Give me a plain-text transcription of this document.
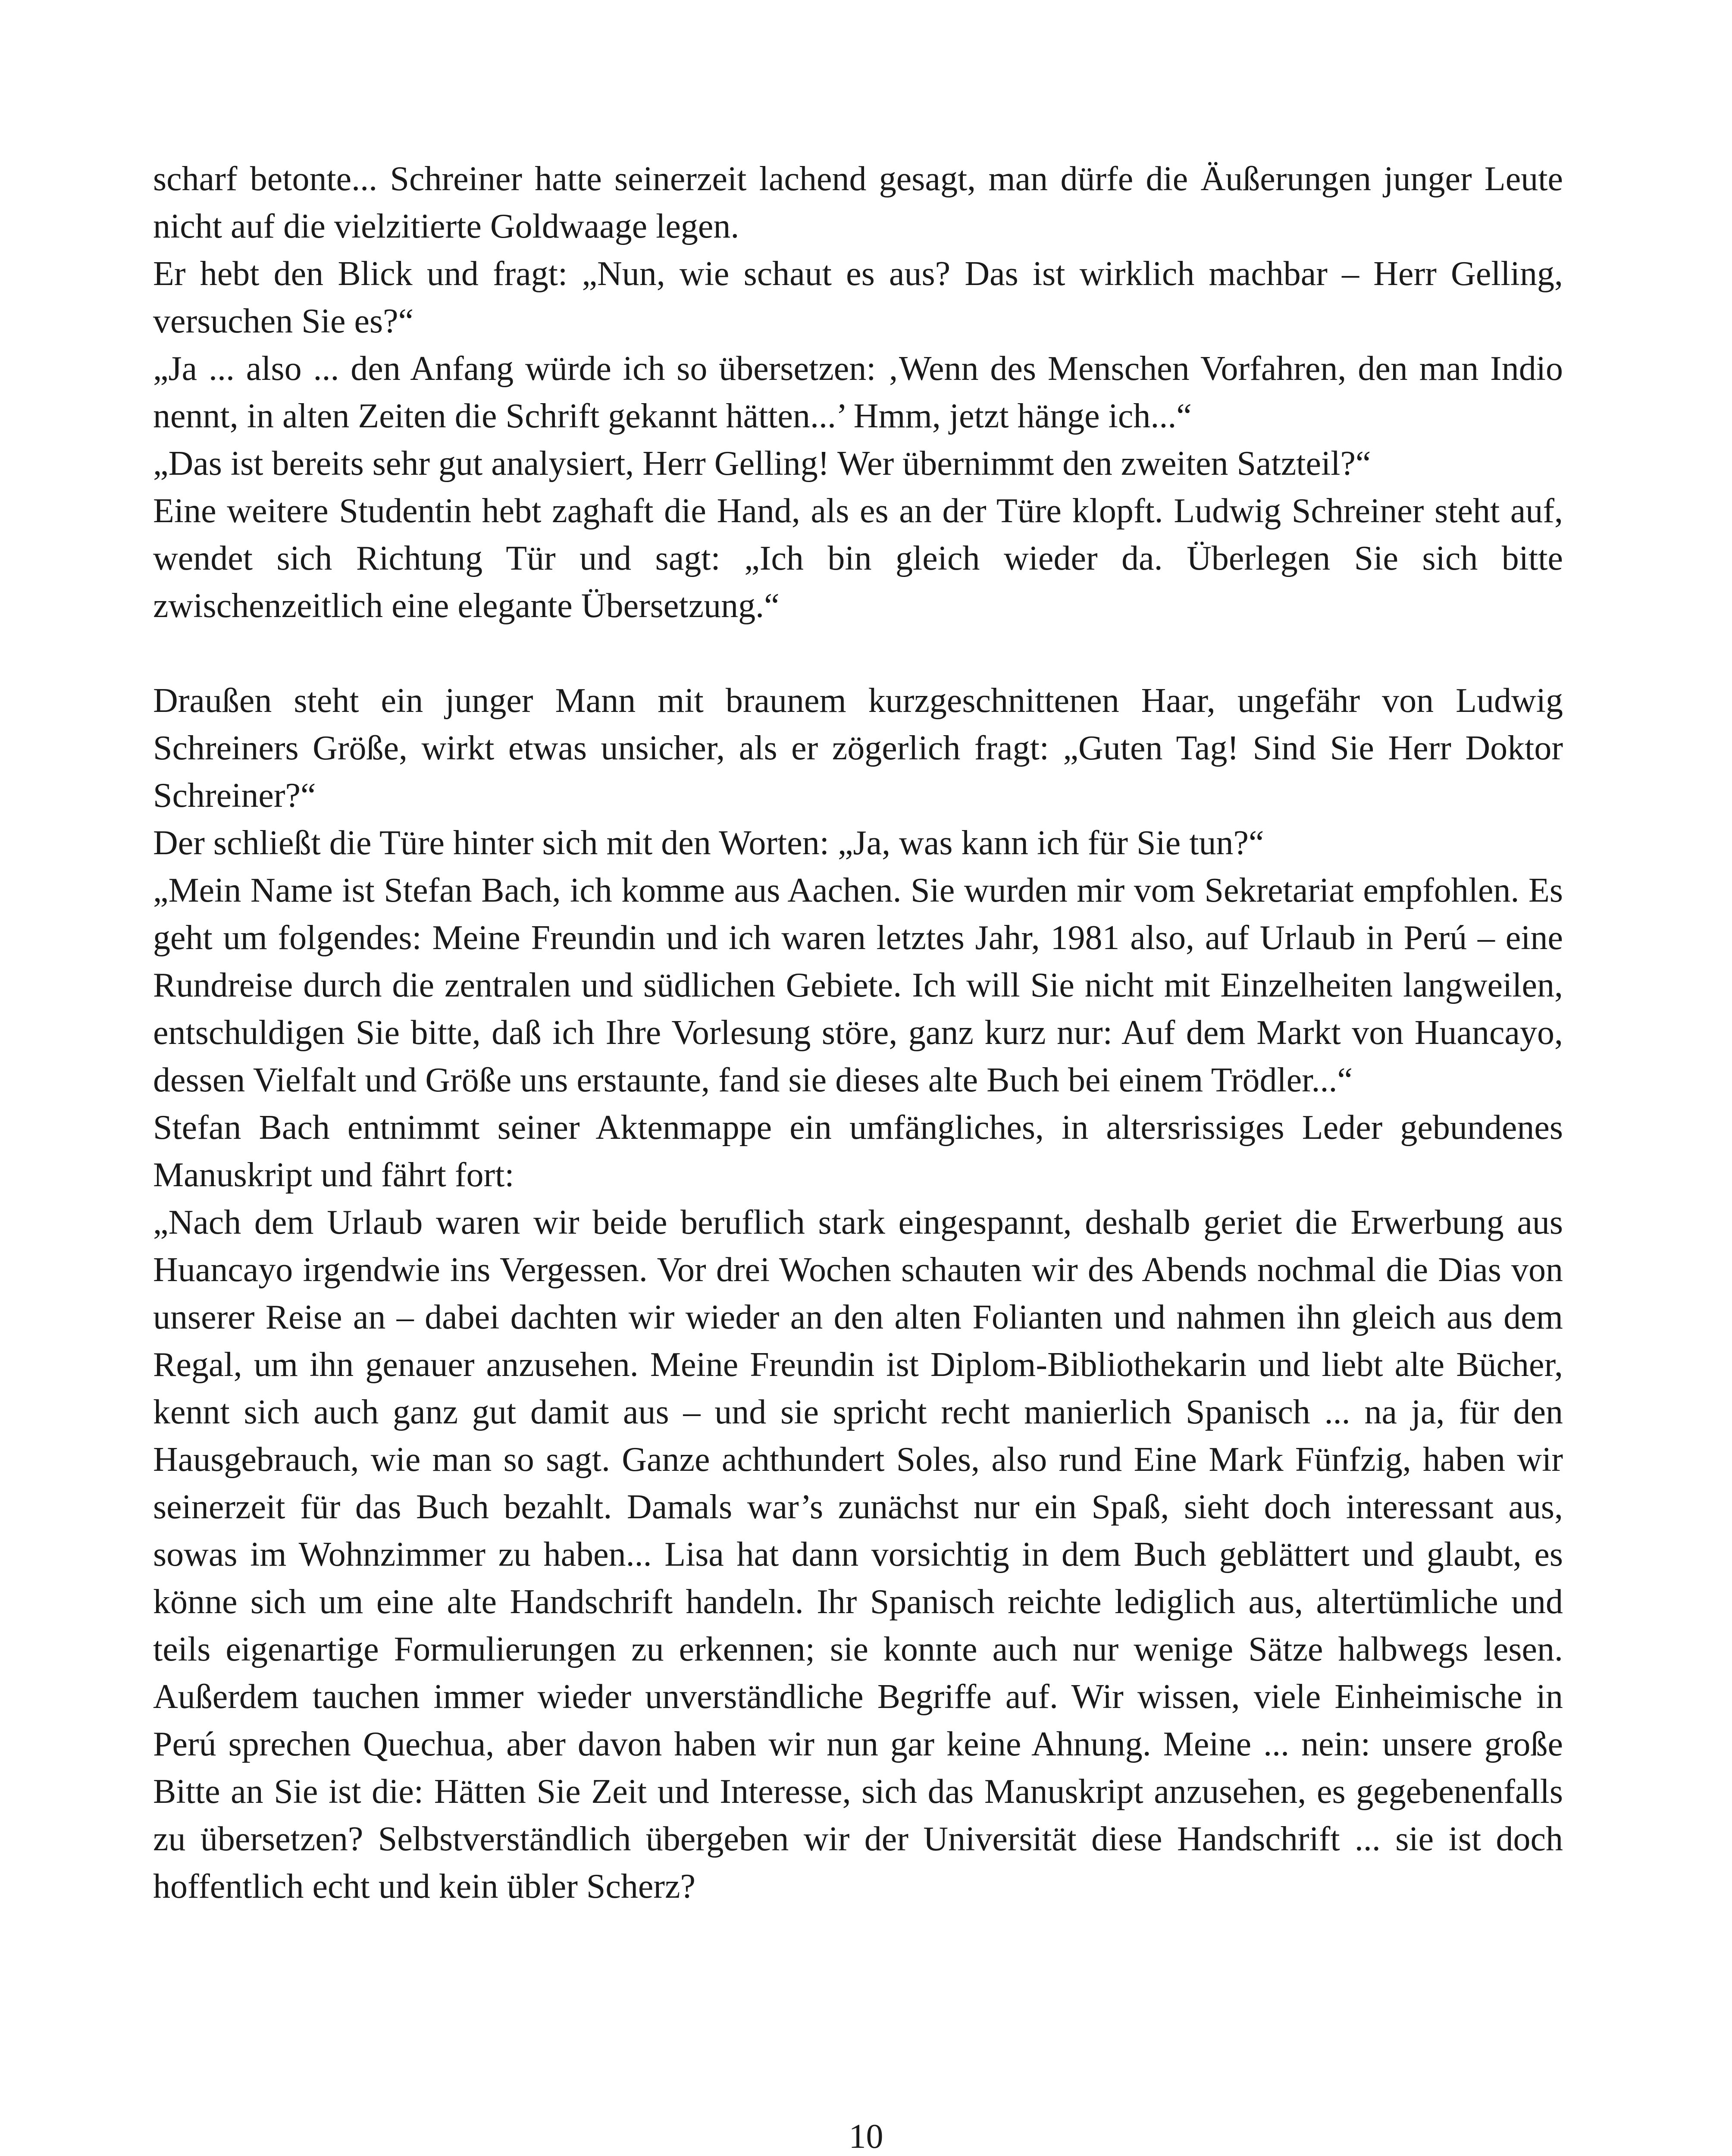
scharf betonte... Schreiner hatte seinerzeit lachend gesagt, man dürfe die Äußerungen junger Leute nicht auf die vielzitierte Goldwaage legen.

Er hebt den Blick und fragt: „Nun, wie schaut es aus? Das ist wirklich machbar – Herr Gelling, versuchen Sie es?“

„Ja ... also ... den Anfang würde ich so übersetzen: ‚Wenn des Menschen Vorfahren, den man Indio nennt, in alten Zeiten die Schrift gekannt hätten...’ Hmm, jetzt hänge ich...“

„Das ist bereits sehr gut analysiert, Herr Gelling! Wer übernimmt den zweiten Satzteil?“

Eine weitere Studentin hebt zaghaft die Hand, als es an der Türe klopft. Ludwig Schreiner steht auf, wendet sich Richtung Tür und sagt: „Ich bin gleich wieder da. Überlegen Sie sich bitte zwischenzeitlich eine elegante Übersetzung.“

Draußen steht ein junger Mann mit braunem kurzgeschnittenen Haar, ungefähr von Ludwig Schreiners Größe, wirkt etwas unsicher, als er zögerlich fragt: „Guten Tag! Sind Sie Herr Doktor Schreiner?“

Der schließt die Türe hinter sich mit den Worten: „Ja, was kann ich für Sie tun?“

„Mein Name ist Stefan Bach, ich komme aus Aachen. Sie wurden mir vom Sekretariat empfohlen. Es geht um folgendes: Meine Freundin und ich waren letztes Jahr, 1981 also, auf Urlaub in Perú – eine Rundreise durch die zentralen und südlichen Gebiete. Ich will Sie nicht mit Einzelheiten langweilen, entschuldigen Sie bitte, daß ich Ihre Vorlesung störe, ganz kurz nur: Auf dem Markt von Huancayo, dessen Vielfalt und Größe uns erstaunte, fand sie dieses alte Buch bei einem Trödler...“

Stefan Bach entnimmt seiner Aktenmappe ein umfängliches, in altersrissiges Leder gebundenes Manuskript und fährt fort:

„Nach dem Urlaub waren wir beide beruflich stark eingespannt, deshalb geriet die Erwerbung aus Huancayo irgendwie ins Vergessen. Vor drei Wochen schauten wir des Abends nochmal die Dias von unserer Reise an – dabei dachten wir wieder an den alten Folianten und nahmen ihn gleich aus dem Regal, um ihn genauer anzusehen. Meine Freundin ist Diplom-Bibliothekarin und liebt alte Bücher, kennt sich auch ganz gut damit aus – und sie spricht recht manierlich Spanisch ... na ja, für den Hausgebrauch, wie man so sagt. Ganze achthundert Soles, also rund Eine Mark Fünfzig, haben wir seinerzeit für das Buch bezahlt. Damals war’s zunächst nur ein Spaß, sieht doch interessant aus, sowas im Wohnzimmer zu haben... Lisa hat dann vorsichtig in dem Buch geblättert und glaubt, es könne sich um eine alte Handschrift handeln. Ihr Spanisch reichte lediglich aus, altertümliche und teils eigenartige Formulierungen zu erkennen; sie konnte auch nur wenige Sätze halbwegs lesen. Außerdem tauchen immer wieder unverständliche Begriffe auf. Wir wissen, viele Einheimische in Perú sprechen Quechua, aber davon haben wir nun gar keine Ahnung. Meine ... nein: unsere große Bitte an Sie ist die: Hätten Sie Zeit und Interesse, sich das Manuskript anzusehen, es gegebenenfalls zu übersetzen? Selbstverständlich übergeben wir der Universität diese Handschrift ... sie ist doch hoffentlich echt und kein übler Scherz?

10
